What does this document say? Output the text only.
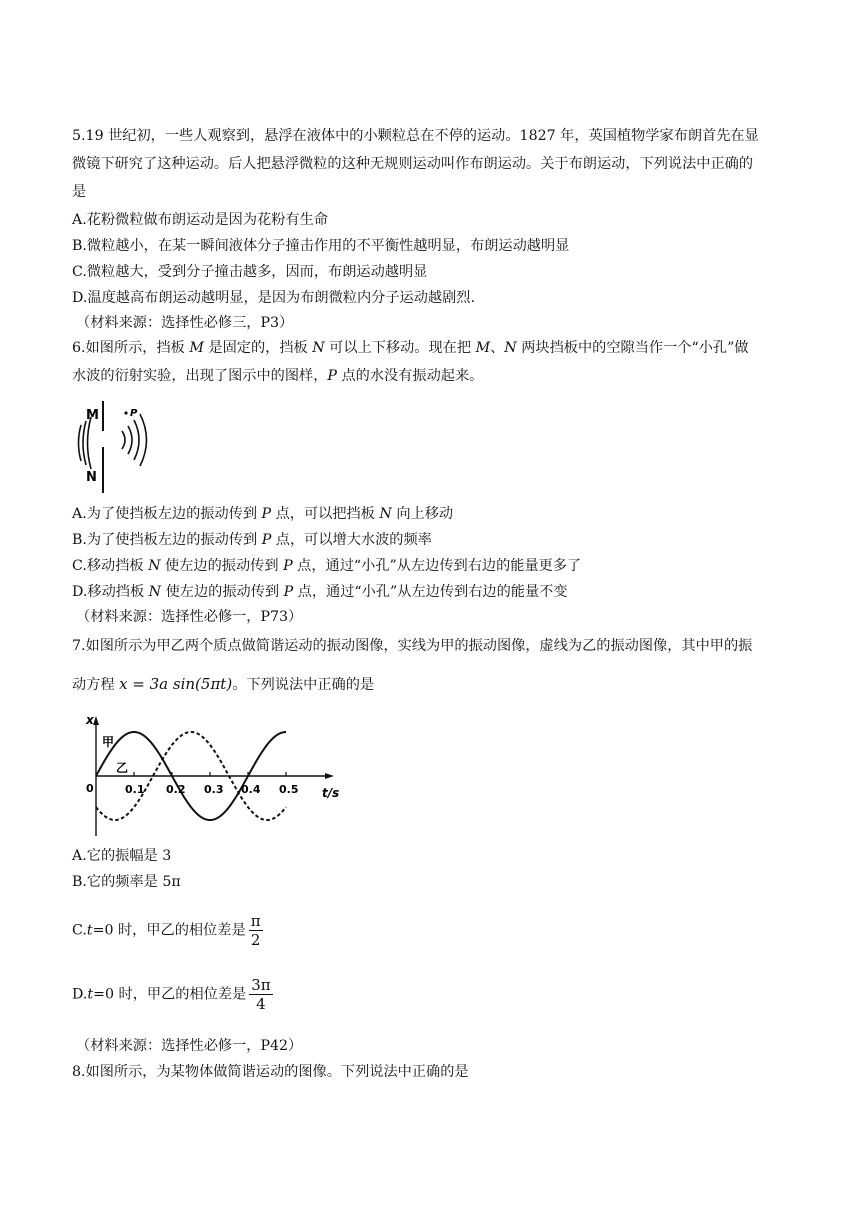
5.19 世纪初，一些人观察到，悬浮在液体中的小颗粒总在不停的运动。1827 年，英国植物学家布朗首先在显
微镜下研究了这种运动。后人把悬浮微粒的这种无规则运动叫作布朗运动。关于布朗运动，下列说法中正确的
是
A.花粉微粒做布朗运动是因为花粉有生命
B.微粒越小，在某一瞬间液体分子撞击作用的不平衡性越明显，布朗运动越明显
C.微粒越大，受到分子撞击越多，因而，布朗运动越明显
D.温度越高布朗运动越明显，是因为布朗微粒内分子运动越剧烈.
（材料来源：选择性必修三，P3）
6.如图所示，挡板 M 是固定的，挡板 N 可以上下移动。现在把 M、N 两块挡板中的空隙当作一个“小孔”做
水波的衍射实验，出现了图示中的图样，P 点的水没有振动起来。
M	P
N
A.为了使挡板左边的振动传到 P 点，可以把挡板 N 向上移动
B.为了使挡板左边的振动传到 P 点，可以增大水波的频率
C.移动挡板 N 使左边的振动传到 P 点，通过“小孔”从左边传到右边的能量更多了
D.移动挡板 N 使左边的振动传到 P 点，通过“小孔”从左边传到右边的能量不变
（材料来源：选择性必修一，P73）
7.如图所示为甲乙两个质点做简谐运动的振动图像，实线为甲的振动图像，虚线为乙的振动图像，其中甲的振
动方程 x = 3a sin(5πt)。下列说法中正确的是
x
0
甲
乙
0.1 0.2 0.3 0.4 0.5 t/s
A.它的振幅是 3
B.它的频率是 5π
C.t=0 时，甲乙的相位差是 $\frac{\pi}{2}$
D.t=0 时，甲乙的相位差是 $\frac{3\pi}{4}$
（材料来源：选择性必修一，P42）
8.如图所示，为某物体做简谐运动的图像。下列说法中正确的是
